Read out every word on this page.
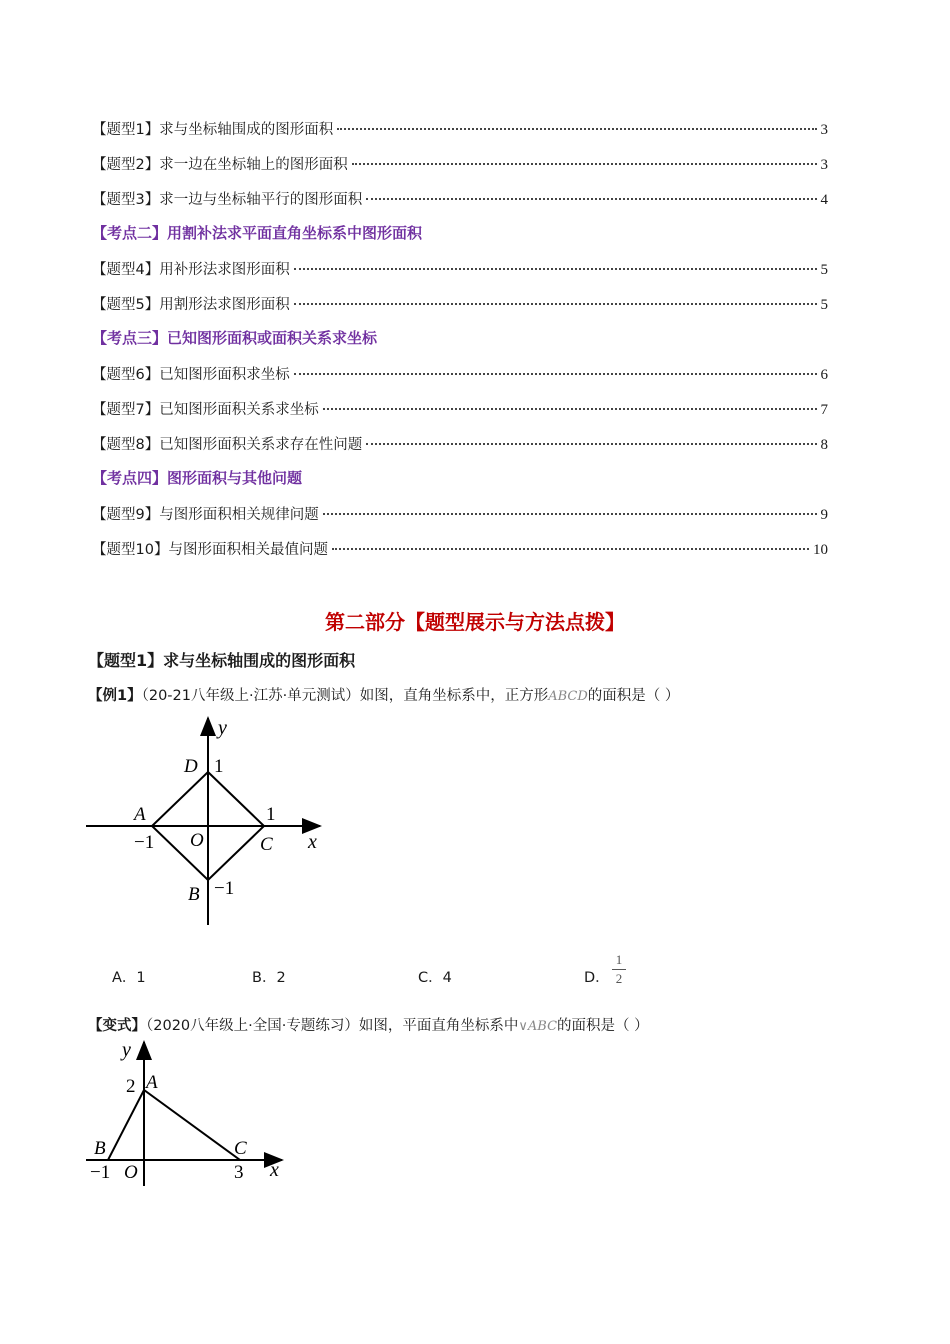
【题型1】求与坐标轴围成的图形面积	3
【题型2】求一边在坐标轴上的图形面积	3
【题型3】求一边与坐标轴平行的图形面积	4
【考点二】用割补法求平面直角坐标系中图形面积
【题型4】用补形法求图形面积	5
【题型5】用割形法求图形面积	5
【考点三】已知图形面积或面积关系求坐标
【题型6】已知图形面积求坐标	6
【题型7】已知图形面积关系求坐标	7
【题型8】已知图形面积关系求存在性问题	8
【考点四】图形面积与其他问题
【题型9】与图形面积相关规律问题	9
【题型10】与图形面积相关最值问题	10
第二部分【题型展示与方法点拨】
【题型1】求与坐标轴围成的图形面积
【例1】（20-21八年级上·江苏·单元测试）如图，直角坐标系中，正方形ABCD的面积是（ ）
y
D 1
A	1
−1 O	C x
B −1
A．1	B．2	C．4	D．
1
2
【变式】（2020八年级上·全国·专题练习）如图，平面直角坐标系中∨ABC的面积是（ ）
y
2 A
B	C
−1 O	3 x
